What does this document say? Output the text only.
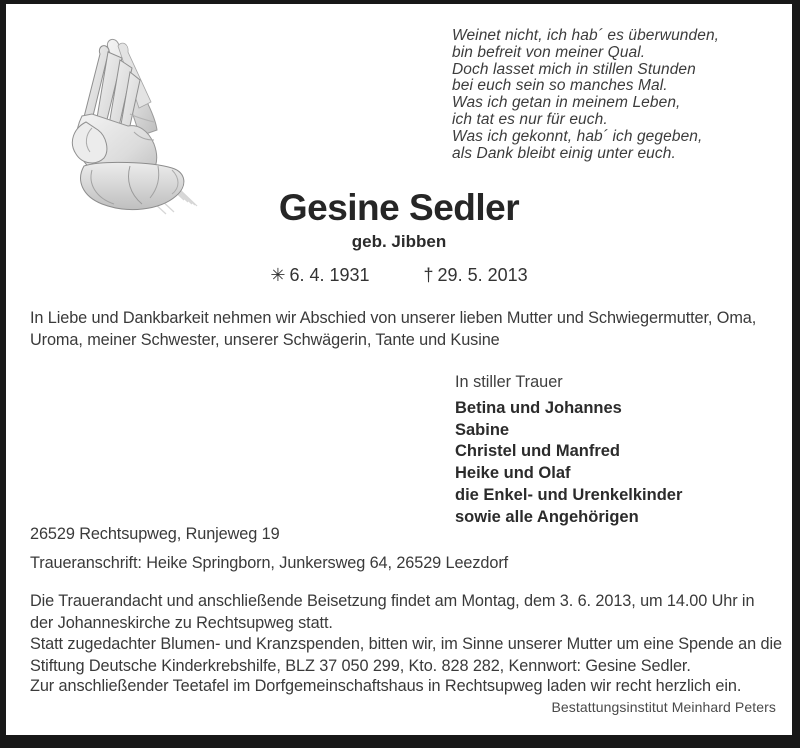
Weinet nicht, ich hab´ es überwunden,
bin befreit von meiner Qual.
Doch lasset mich in stillen Stunden
bei euch sein so manches Mal.
Was ich getan in meinem Leben,
ich tat es nur für euch.
Was ich gekonnt, hab´ ich gegeben,
als Dank bleibt einig unter euch.
Gesine Sedler
geb. Jibben
✳ 6. 4. 1931	† 29. 5. 2013
In Liebe und Dankbarkeit nehmen wir Abschied von unserer lieben Mutter und Schwiegermutter, Oma,
Uroma, meiner Schwester, unserer Schwägerin, Tante und Kusine
In stiller Trauer
Betina und Johannes
Sabine
Christel und Manfred
Heike und Olaf
die Enkel- und Urenkelkinder
sowie alle Angehörigen
26529 Rechtsupweg, Runjeweg 19
Traueranschrift: Heike Springborn, Junkersweg 64, 26529 Leezdorf
Die Trauerandacht und anschließende Beisetzung findet am Montag, dem 3. 6. 2013, um 14.00 Uhr in
der Johanneskirche zu Rechtsupweg statt.
Statt zugedachter Blumen- und Kranzspenden, bitten wir, im Sinne unserer Mutter um eine Spende an die
Stiftung Deutsche Kinderkrebshilfe, BLZ 37 050 299, Kto. 828 282, Kennwort: Gesine Sedler.
Zur anschließender Teetafel im Dorfgemeinschaftshaus in Rechtsupweg laden wir recht herzlich ein.
Bestattungsinstitut Meinhard Peters
